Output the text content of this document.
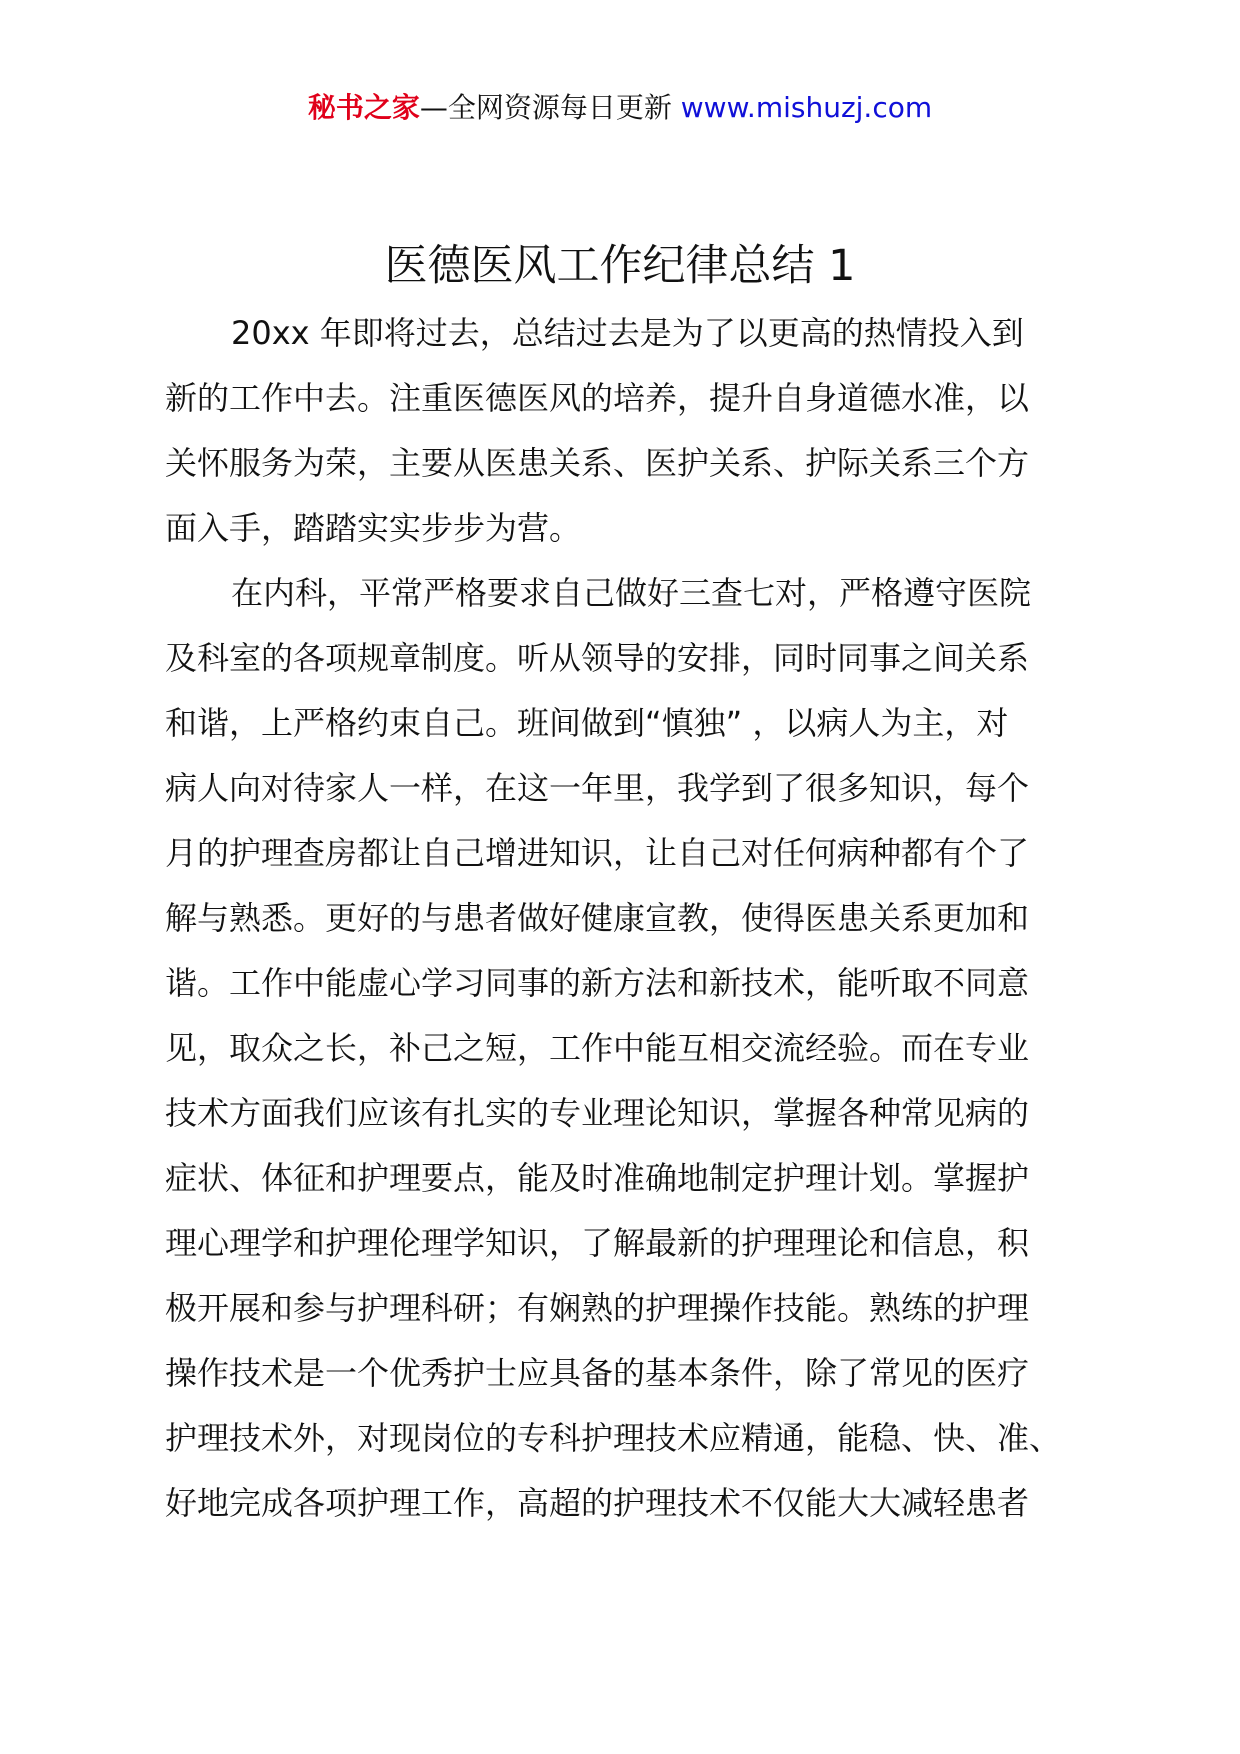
秘书之家—全网资源每日更新 www.mishuzj.com
医德医风工作纪律总结 1
20xx 年即将过去，总结过去是为了以更高的热情投入到
新的工作中去。注重医德医风的培养，提升自身道德水准，以
关怀服务为荣，主要从医患关系、医护关系、护际关系三个方
面入手，踏踏实实步步为营。
在内科，平常严格要求自己做好三查七对，严格遵守医院
及科室的各项规章制度。听从领导的安排，同时同事之间关系
和谐，上严格约束自己。班间做到“慎独” ，以病人为主，对
病人向对待家人一样，在这一年里，我学到了很多知识，每个
月的护理查房都让自己增进知识，让自己对任何病种都有个了
解与熟悉。更好的与患者做好健康宣教，使得医患关系更加和
谐。工作中能虚心学习同事的新方法和新技术，能听取不同意
见，取众之长，补己之短，工作中能互相交流经验。而在专业
技术方面我们应该有扎实的专业理论知识，掌握各种常见病的
症状、体征和护理要点，能及时准确地制定护理计划。掌握护
理心理学和护理伦理学知识，了解最新的护理理论和信息，积
极开展和参与护理科研；有娴熟的护理操作技能。熟练的护理
操作技术是一个优秀护士应具备的基本条件，除了常见的医疗
护理技术外，对现岗位的专科护理技术应精通，能稳、快、准、
好地完成各项护理工作，高超的护理技术不仅能大大减轻患者
